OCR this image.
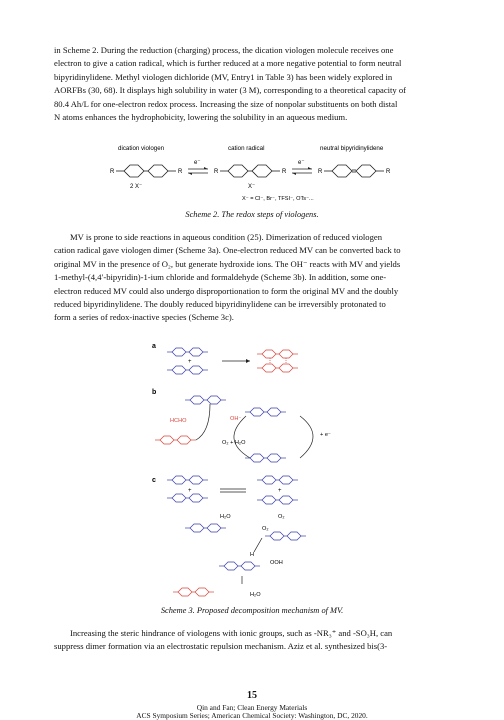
in Scheme 2. During the reduction (charging) process, the dication viologen molecule receives one

electron to give a cation radical, which is further reduced at a more negative potential to form neutral

bipyridinylidene. Methyl viologen dichloride (MV, Entry1 in Table 3) has been widely explored in

AORFBs (30, 68). It displays high solubility in water (3 M), corresponding to a theoretical capacity of

80.4 Ah/L for one-electron redox process. Increasing the size of nonpolar substituents on both distal

N atoms enhances the hydrophobicity, lowering the solubility in an aqueous medium.

dication viologen	cation radical	neutral bipyridinylidene
R	R
2 X⁻
e⁻
R	R
X⁻
e⁻
R	R
X⁻ = Cl⁻, Br⁻, TFSI⁻, OTs⁻...
Scheme 2. The redox steps of viologens.

MV is prone to side reactions in aqueous condition (25). Dimerization of reduced viologen

cation radical gave viologen dimer (Scheme 3a). One-electron reduced MV can be converted back to

original MV in the presence of O₂, but generate hydroxide ions. The OH⁻ reacts with MV and yields

1-methyl-(4,4′-bipyridin)-1-ium chloride and formaldehyde (Scheme 3b). In addition, some one-

electron reduced MV could also undergo disproportionation to form the original MV and the doubly

reduced bipyridinylidene. The doubly reduced bipyridinylidene can be irreversibly protonated to

form a series of redox-inactive species (Scheme 3c).

a
+
b
HCHO	OH⁻
O₂ + H₂O
+ e⁻
c
+	+
H₂O	O₂
O₂
H
OOH
H₂O
Scheme 3. Proposed decomposition mechanism of MV.

Increasing the steric hindrance of viologens with ionic groups, such as -NR₃⁺ and -SO₃H, can

suppress dimer formation via an electrostatic repulsion mechanism. Aziz et al. synthesized bis(3-

15
Qin and Fan; Clean Energy Materials
ACS Symposium Series; American Chemical Society: Washington, DC, 2020.
